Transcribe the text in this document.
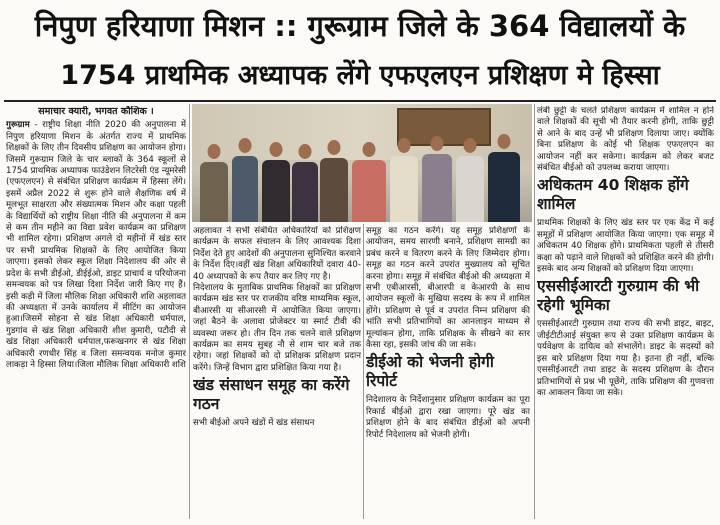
निपुण हरियाणा मिशन :: गुरूग्राम जिले के 364 विद्यालयों के
1754 प्राथमिक अध्यापक लेंगे एफएलएन प्रशिक्षण मे हिस्सा
समाचार क्यारी, भगवत कौशिक ।

गुरूग्राम - राष्ट्रीय शिक्षा नीति 2020 की अनुपालना में निपुण हरियाणा मिशन के अंतर्गत राज्य में प्राथमिक शिक्षकों के लिए तीन दिवसीय प्रशिक्षण का आयोजन होगा।जिसमें गुरूग्राम जिले के चार ब्लाकों के 364 स्कूलों से 1754 प्राथमिक अध्यापक फाउंडेशन लिटरेसी एंड न्यूमरेसी (एफएलएन) से संबंधित प्रशिक्षण कार्यक्रम में हिस्सा लेंगे। इसमें अप्रैल 2022 से शुरू होने वाले शैक्षणिक वर्ष में मूलभूत साक्षरता और संख्यात्मक मिशन और कक्षा पहली के विद्यार्थियों को राष्ट्रीय शिक्षा नीति की अनुपालना में कम से कम तीन महीने का विद्या प्रवेश कार्यक्रम का प्रशिक्षण भी शामिल रहेगा। प्रशिक्षण अगले दो महीनों में खंड स्तर पर सभी प्राथमिक शिक्षकों के लिए आयोजित किया जाएगा। इसको लेकर स्कूल शिक्षा निदेशालय की ओर से प्रदेश के सभी डीईओ, डीईईओ, डाइट प्राचार्य व परियोजना समन्वयक को पत्र लिखा दिशा निर्देश जारी किए गए हैं।इसी कड़ी में जिला मौलिक शिक्षा अधिकारी शशि अहलावत की अध्यक्षता में उनके कार्यालय में मीटिंग का आयोजन हुआ।जिसमें सोहना से खंड शिक्षा अधिकारी धर्मपाल, गुडगांव से खंड शिक्षा अधिकारी शीश कुमारी, पटौदी से खंड शिक्षा अधिकारी धर्मपाल,फरूखनगर से खंड शिक्षा अधिकारी रणधीर सिंह व जिला समन्वयक मनोज कुमार लाकड़ा ने हिस्सा लिया।जिला मौलिक शिक्षा अधिकारी शशि

अहलावत ने सभी संबंधित अधिकारियों को प्रशिक्षण कार्यक्रम के सफल संचालन के लिए आवश्यक दिशा निर्देश देते हुए आदेशों की अनुपालना सुनिश्चित करवाने के निर्देश दिए।वहीं खंड शिक्षा अधिकारियों दवारा 40-40 अध्यापकों के रूप तैयार कर लिए गए है।

निदेशालय के मुताबिक प्राथमिक शिक्षकों का प्रशिक्षण कार्यक्रम खंड स्तर पर राजकीय वरिष्ठ माध्यमिक स्कूल, बीआरसी या सीआरसी में आयोजित किया जाएगा। जहां बैठने के अलावा प्रोजेक्टर या स्मार्ट टीवी की व्यवस्था जरूर हो। तीन दिन तक चलने वाले प्रशिक्षण कार्यक्रम का समय सुबह नौ से शाम चार बजे तक रहेगा। जहां शिक्षकों को दो प्रशिक्षक प्रशिक्षण प्रदान करेंगे। जिन्हें विभाग द्वारा प्रशिक्षित किया गया है।

खंड संसाधन समूह का करेंगे गठन

सभी बीईओ अपने खंडों में खंड संसाधन

समूह का गठन करेंगे। यह समूह प्रशिक्षणों के आयोजन, समय सारणी बनाने, प्रशिक्षण सामग्री का प्रबंध करने व वितरण करने के लिए जिम्मेदार होगा। समूह का गठन करने उपरांत मुख्यालय को सूचित करना होगा। समूह में संबंधित बीईओ की अध्यक्षता में सभी एबीआरसी, बीआरपी व केआरपी के साथ आयोजन स्कूलों के मुखिया सदस्य के रूप में शामिल होंगे। प्रशिक्षण से पूर्व व उपरांत निम्न प्रशिक्षण की भांति सभी प्रतिभागियों का आनलाइन माध्यम से मूल्यांकन होगा, ताकि प्रशिक्षक के सीखने का स्तर कैसा रहा, इसकी जांच की जा सके।

डीईओ को भेजनी होगी रिपोर्ट

निदेशालय के निर्देशानुसार प्रशिक्षण कार्यक्रम का पूरा रिकार्ड बीईओ द्वारा रखा जाएगा। पूरे खंड का प्रशिक्षण होने के बाद संबंधित डीईओ को अपनी रिपोर्ट निदेशालय को भेजनी होगी।

लंबी छुट्टी के चलते प्रशिक्षण कार्यक्रम में शामिल न होने वाले शिक्षकों की सूची भी तैयार करनी होगी, ताकि छुट्टी से आने के बाद उन्हें भी प्रशिक्षण दिलाया जाए। क्योंकि बिना प्रशिक्षण के कोई भी शिक्षक एफएलएन का आयोजन नहीं कर सकेगा। कार्यक्रम को लेकर बजट संबंधित बीईओ को उपलब्ध कराया जाएगा।

अधिकतम 40 शिक्षक होंगे शामिल

प्राथमिक शिक्षकों के लिए खंड स्तर पर एक केंद्र में कई समूहों में प्रशिक्षण आयोजित किया जाएगा। एक समूह में अधिकतम 40 शिक्षक होंगे। प्राथमिकता पहली से तीसरी कक्षा को पढ़ाने वाले शिक्षकों को प्रशिक्षित करने की होगी। इसके बाद अन्य शिक्षकों को प्रशिक्षण दिया जाएगा।

एससीईआरटी गुरुग्राम की भी रहेगी भूमिका

एससीईआरटी गुरुग्राम तथा राज्य की सभी डाइट, बाइट, जीईटीटीआई संयुक्त रूप से उक्त प्रशिक्षण कार्यक्रम के पर्यवेक्षण के दायित्व को संभालेंगे। डाइट के सदस्यों को इस बारे प्रशिक्षण दिया गया है। इतना ही नहीं, बल्कि एससीईआरटी तथा डाइट के सदस्य प्रशिक्षण के दौरान प्रतिभागियों से प्रश्न भी पूछेंगे, ताकि प्रशिक्षण की गुणवत्ता का आकलन किया जा सके।
